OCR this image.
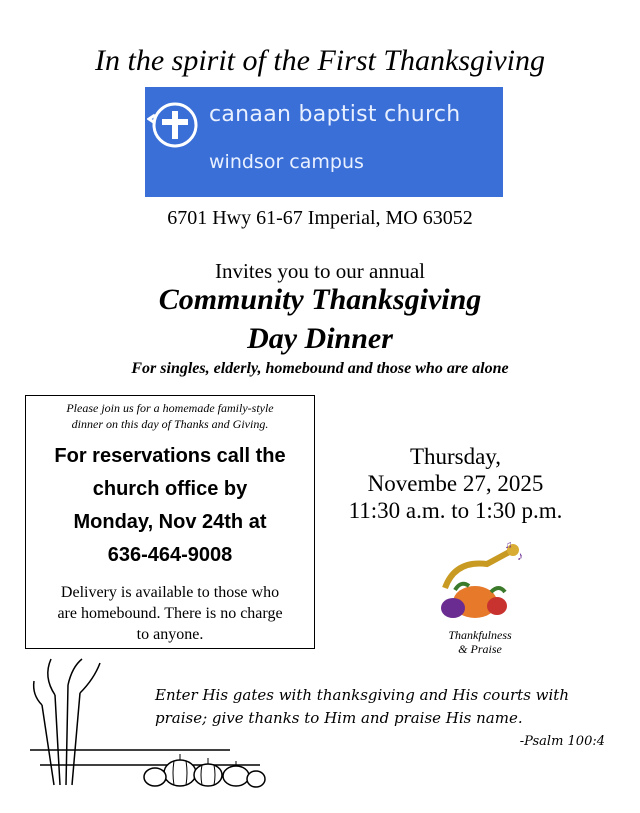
In the spirit of the First Thanksgiving
canaan baptist church
windsor campus
6701 Hwy 61-67 Imperial, MO 63052
Invites you to our annual
Community Thanksgiving
Day Dinner
For singles, elderly, homebound and those who are alone
Please join us for a homemade family-style
dinner on this day of Thanks and Giving.
For reservations call the
church office by
Monday, Nov 24th at
636-464-9008
Delivery is available to those who
are homebound. There is no charge
to anyone.
Thursday,
Novembe 27, 2025
11:30 a.m. to 1:30 p.m.
♪
♫
Thankfulness
& Praise
Enter His gates with thanksgiving and His courts with
praise; give thanks to Him and praise His name.
-Psalm 100:4
